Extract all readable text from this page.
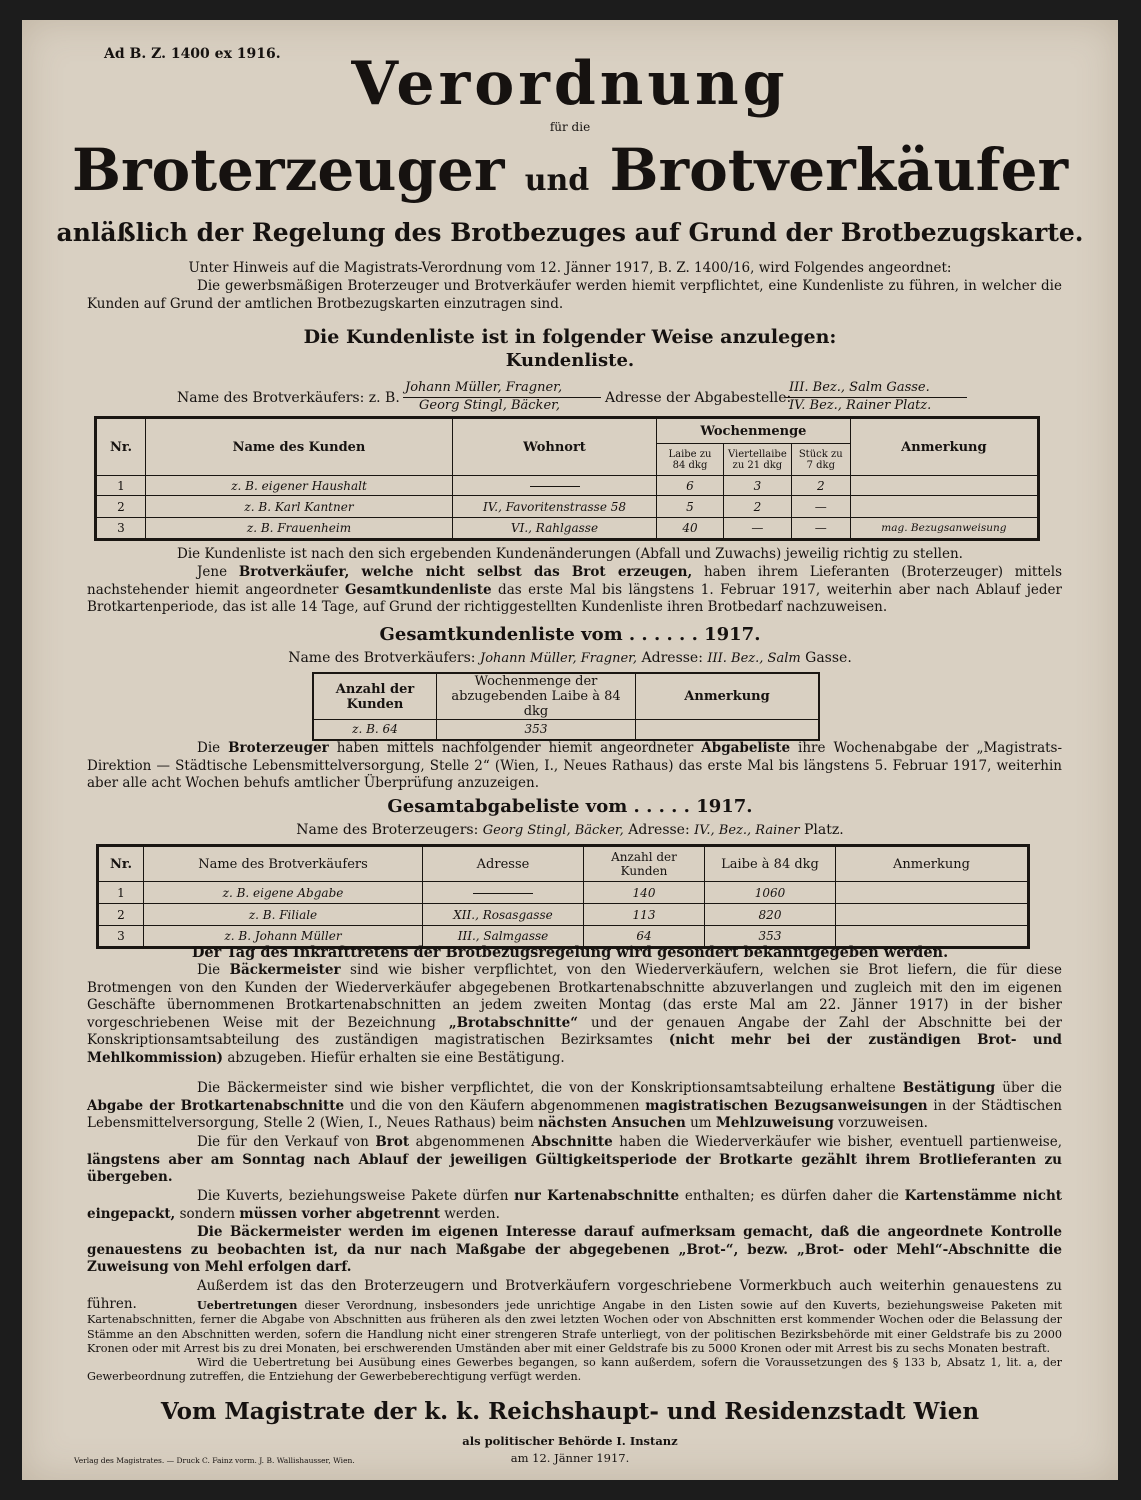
Ad B. Z. 1400 ex 1916.	Verordnung
für die
Broterzeuger und Brotverkäufer
anläßlich der Regelung des Brotbezuges auf Grund der Brotbezugskarte.
Unter Hinweis auf die Magistrats-Verordnung vom 12. Jänner 1917, B. Z. 1400/16, wird Folgendes angeordnet:

Die gewerbsmäßigen Broterzeuger und Brotverkäufer werden hiemit verpflichtet, eine Kundenliste zu führen, in welcher die Kunden auf Grund der amtlichen Brotbezugskarten einzutragen sind.

Die Kundenliste ist in folgender Weise anzulegen:
Kundenliste.
Name des Brotverkäufers: z. B.
Johann Müller, Fragner,
Georg Stingl, Bäcker,	Adresse der Abgabestelle:
III. Bez., Salm Gasse.
IV. Bez., Rainer Platz.
Nr.	Name des Kunden	Wohnort	Wochenmenge			Anmerkung
			Laibe zu 84 dkg	Viertellaibe zu 21 dkg	Stück zu 7 dkg	
1	z. B. eigener Haushalt		6	3	2	
2	z. B. Karl Kantner	IV., Favoritenstrasse 58	5	2	—	
3	z. B. Frauenheim	VI., Rahlgasse	40	—	—	mag. Bezugsanweisung
Die Kundenliste ist nach den sich ergebenden Kundenänderungen (Abfall und Zuwachs) jeweilig richtig zu stellen.

Jene Brotverkäufer, welche nicht selbst das Brot erzeugen, haben ihrem Lieferanten (Broterzeuger) mittels nachstehender hiemit angeordneter Gesamtkundenliste das erste Mal bis längstens 1. Februar 1917, weiterhin aber nach Ablauf jeder Brotkartenperiode, das ist alle 14 Tage, auf Grund der richtiggestellten Kundenliste ihren Brotbedarf nachzuweisen.

Gesamtkundenliste vom . . . . . . 1917.
Name des Brotverkäufers: Johann Müller, Fragner, Adresse: III. Bez., Salm Gasse.
Anzahl der Kunden	Wochenmenge der abzugebenden Laibe à 84 dkg	Anmerkung
z. B. 64	353	

Die Broterzeuger haben mittels nachfolgender hiemit angeordneter Abgabeliste ihre Wochenabgabe der „Magistrats-Direktion — Städtische Lebensmittelversorgung, Stelle 2“ (Wien, I., Neues Rathaus) das erste Mal bis längstens 5. Februar 1917, weiterhin aber alle acht Wochen behufs amtlicher Überprüfung anzuzeigen.

Gesamtabgabeliste vom . . . . . 1917.
Name des Broterzeugers: Georg Stingl, Bäcker, Adresse: IV., Bez., Rainer Platz.
Nr.	Name des Brotverkäufers	Adresse	Anzahl der Kunden	Laibe à 84 dkg	Anmerkung
1	z. B. eigene Abgabe		140	1060	
2	z. B. Filiale	XII., Rosasgasse	113	820	
3	z. B. Johann Müller	III., Salmgasse	64	353	
Der Tag des Inkrafttretens der Brotbezugsregelung wird gesondert bekanntgegeben werden.

Die Bäckermeister sind wie bisher verpflichtet, von den Wiederverkäufern, welchen sie Brot liefern, die für diese Brotmengen von den Kunden der Wiederverkäufer abgegebenen Brotkartenabschnitte abzuverlangen und zugleich mit den im eigenen Geschäfte übernommenen Brotkartenabschnitten an jedem zweiten Montag (das erste Mal am 22. Jänner 1917) in der bisher vorgeschriebenen Weise mit der Bezeichnung „Brotabschnitte“ und der genauen Angabe der Zahl der Abschnitte bei der Konskriptionsamtsabteilung des zuständigen magistratischen Bezirksamtes (nicht mehr bei der zuständigen Brot- und Mehlkommission) abzugeben. Hiefür erhalten sie eine Bestätigung.

Die Bäckermeister sind wie bisher verpflichtet, die von der Konskriptionsamtsabteilung erhaltene Bestätigung über die Abgabe der Brotkartenabschnitte und die von den Käufern abgenommenen magistratischen Bezugsanweisungen in der Städtischen Lebensmittelversorgung, Stelle 2 (Wien, I., Neues Rathaus) beim nächsten Ansuchen um Mehlzuweisung vorzuweisen.

Die für den Verkauf von Brot abgenommenen Abschnitte haben die Wiederverkäufer wie bisher, eventuell partienweise, längstens aber am Sonntag nach Ablauf der jeweiligen Gültigkeitsperiode der Brotkarte gezählt ihrem Brotlieferanten zu übergeben.

Die Kuverts, beziehungsweise Pakete dürfen nur Kartenabschnitte enthalten; es dürfen daher die Kartenstämme nicht eingepackt, sondern müssen vorher abgetrennt werden.

Die Bäckermeister werden im eigenen Interesse darauf aufmerksam gemacht, daß die angeordnete Kontrolle genauestens zu beobachten ist, da nur nach Maßgabe der abgegebenen „Brot-“, bezw. „Brot- oder Mehl“-Abschnitte die Zuweisung von Mehl erfolgen darf.

Außerdem ist das den Broterzeugern und Brotverkäufern vorgeschriebene Vormerkbuch auch weiterhin genauestens zu führen.	Uebertretungen dieser Verordnung, insbesonders jede unrichtige Angabe in den Listen sowie auf den Kuverts, beziehungsweise Paketen mit Kartenabschnitten, ferner die Abgabe von Abschnitten aus früheren als den zwei letzten Wochen oder von Abschnitten erst kommender Wochen oder die Belassung der Stämme an den Abschnitten werden, sofern die Handlung nicht einer strengeren Strafe unterliegt, von der politischen Bezirksbehörde mit einer Geldstrafe bis zu 2000 Kronen oder mit Arrest bis zu drei Monaten, bei erschwerenden Umständen aber mit einer Geldstrafe bis zu 5000 Kronen oder mit Arrest bis zu sechs Monaten bestraft.

Wird die Uebertretung bei Ausübung eines Gewerbes begangen, so kann außerdem, sofern die Voraussetzungen des § 133 b, Absatz 1, lit. a, der Gewerbeordnung zutreffen, die Entziehung der Gewerbeberechtigung verfügt werden.

Vom Magistrate der k. k. Reichshaupt- und Residenzstadt Wien
als politischer Behörde I. Instanz
am 12. Jänner 1917.
Verlag des Magistrates. — Druck C. Fainz vorm. J. B. Wallishausser, Wien.
